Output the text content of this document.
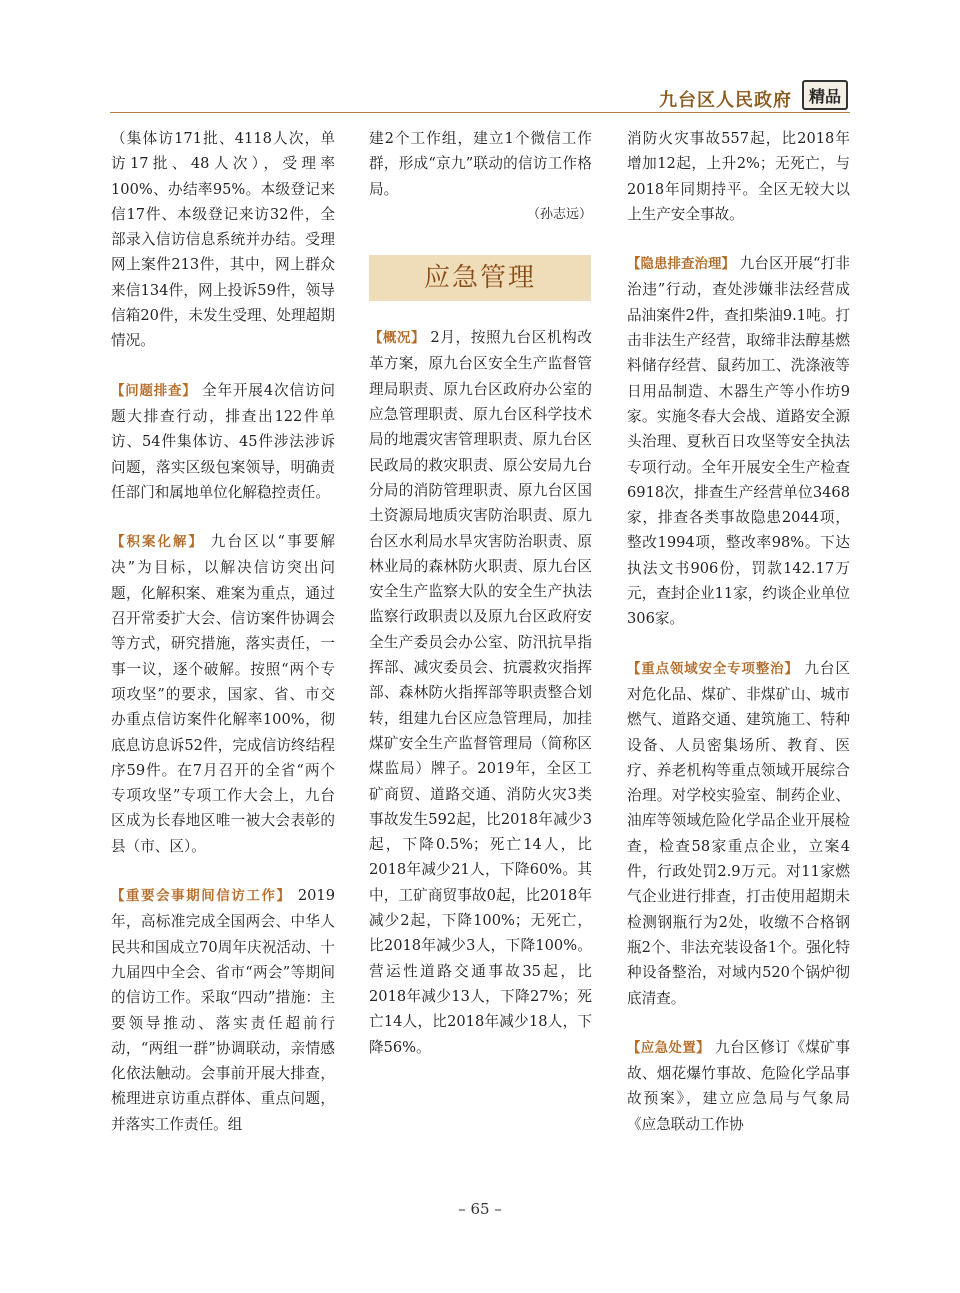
九台区人民政府	精品

（集体访171批、4118人次，单访17批、48人次），受理率100%、办结率95%。本级登记来信17件、本级登记来访32件，全部录入信访信息系统并办结。受理网上案件213件，其中，网上群众来信134件，网上投诉59件，领导信箱20件，未发生受理、处理超期情况。

【问题排查】 全年开展4次信访问题大排查行动，排查出122件单访、54件集体访、45件涉法涉诉问题，落实区级包案领导，明确责任部门和属地单位化解稳控责任。

【积案化解】 九台区以“事要解决”为目标，以解决信访突出问题，化解积案、难案为重点，通过召开常委扩大会、信访案件协调会等方式，研究措施，落实责任，一事一议，逐个破解。按照“两个专项攻坚”的要求，国家、省、市交办重点信访案件化解率100%，彻底息访息诉52件，完成信访终结程序59件。在7月召开的全省“两个专项攻坚”专项工作大会上，九台区成为长春地区唯一被大会表彰的县（市、区）。

【重要会事期间信访工作】 2019年，高标准完成全国两会、中华人民共和国成立70周年庆祝活动、十九届四中全会、省市“两会”等期间的信访工作。采取“四动”措施：主要领导推动、落实责任超前行动，“两组一群”协调联动，亲情感化依法触动。会事前开展大排查，梳理进京访重点群体、重点问题，并落实工作责任。组

建2个工作组，建立1个微信工作群，形成“京九”联动的信访工作格局。

（孙志远）

应急管理

【概况】 2月，按照九台区机构改革方案，原九台区安全生产监督管理局职责、原九台区政府办公室的应急管理职责、原九台区科学技术局的地震灾害管理职责、原九台区民政局的救灾职责、原公安局九台分局的消防管理职责、原九台区国土资源局地质灾害防治职责、原九台区水利局水旱灾害防治职责、原林业局的森林防火职责、原九台区安全生产监察大队的安全生产执法监察行政职责以及原九台区政府安全生产委员会办公室、防汛抗旱指挥部、减灾委员会、抗震救灾指挥部、森林防火指挥部等职责整合划转，组建九台区应急管理局，加挂煤矿安全生产监督管理局（简称区煤监局）牌子。2019年，全区工矿商贸、道路交通、消防火灾3类事故发生592起，比2018年减少3起，下降0.5%；死亡14人，比2018年减少21人，下降60%。其中，工矿商贸事故0起，比2018年减少2起，下降100%；无死亡，比2018年减少3人，下降100%。营运性道路交通事故35起，比2018年减少13人，下降27%；死亡14人，比2018年减少18人，下降56%。

消防火灾事故557起，比2018年增加12起，上升2%；无死亡，与2018年同期持平。全区无较大以上生产安全事故。

【隐患排查治理】 九台区开展“打非治违”行动，查处涉嫌非法经营成品油案件2件，查扣柴油9.1吨。打击非法生产经营，取缔非法醇基燃料储存经营、鼠药加工、洗涤液等日用品制造、木器生产等小作坊9家。实施冬春大会战、道路安全源头治理、夏秋百日攻坚等安全执法专项行动。全年开展安全生产检查6918次，排查生产经营单位3468家，排查各类事故隐患2044项，整改1994项，整改率98%。下达执法文书906份，罚款142.17万元，查封企业11家，约谈企业单位306家。

【重点领域安全专项整治】 九台区对危化品、煤矿、非煤矿山、城市燃气、道路交通、建筑施工、特种设备、人员密集场所、教育、医疗、养老机构等重点领域开展综合治理。对学校实验室、制药企业、油库等领域危险化学品企业开展检查，检查58家重点企业，立案4件，行政处罚2.9万元。对11家燃气企业进行排查，打击使用超期未检测钢瓶行为2处，收缴不合格钢瓶2个、非法充装设备1个。强化特种设备整治，对域内520个锅炉彻底清查。

【应急处置】 九台区修订《煤矿事故、烟花爆竹事故、危险化学品事故预案》，建立应急局与气象局《应急联动工作协

– 65 –
